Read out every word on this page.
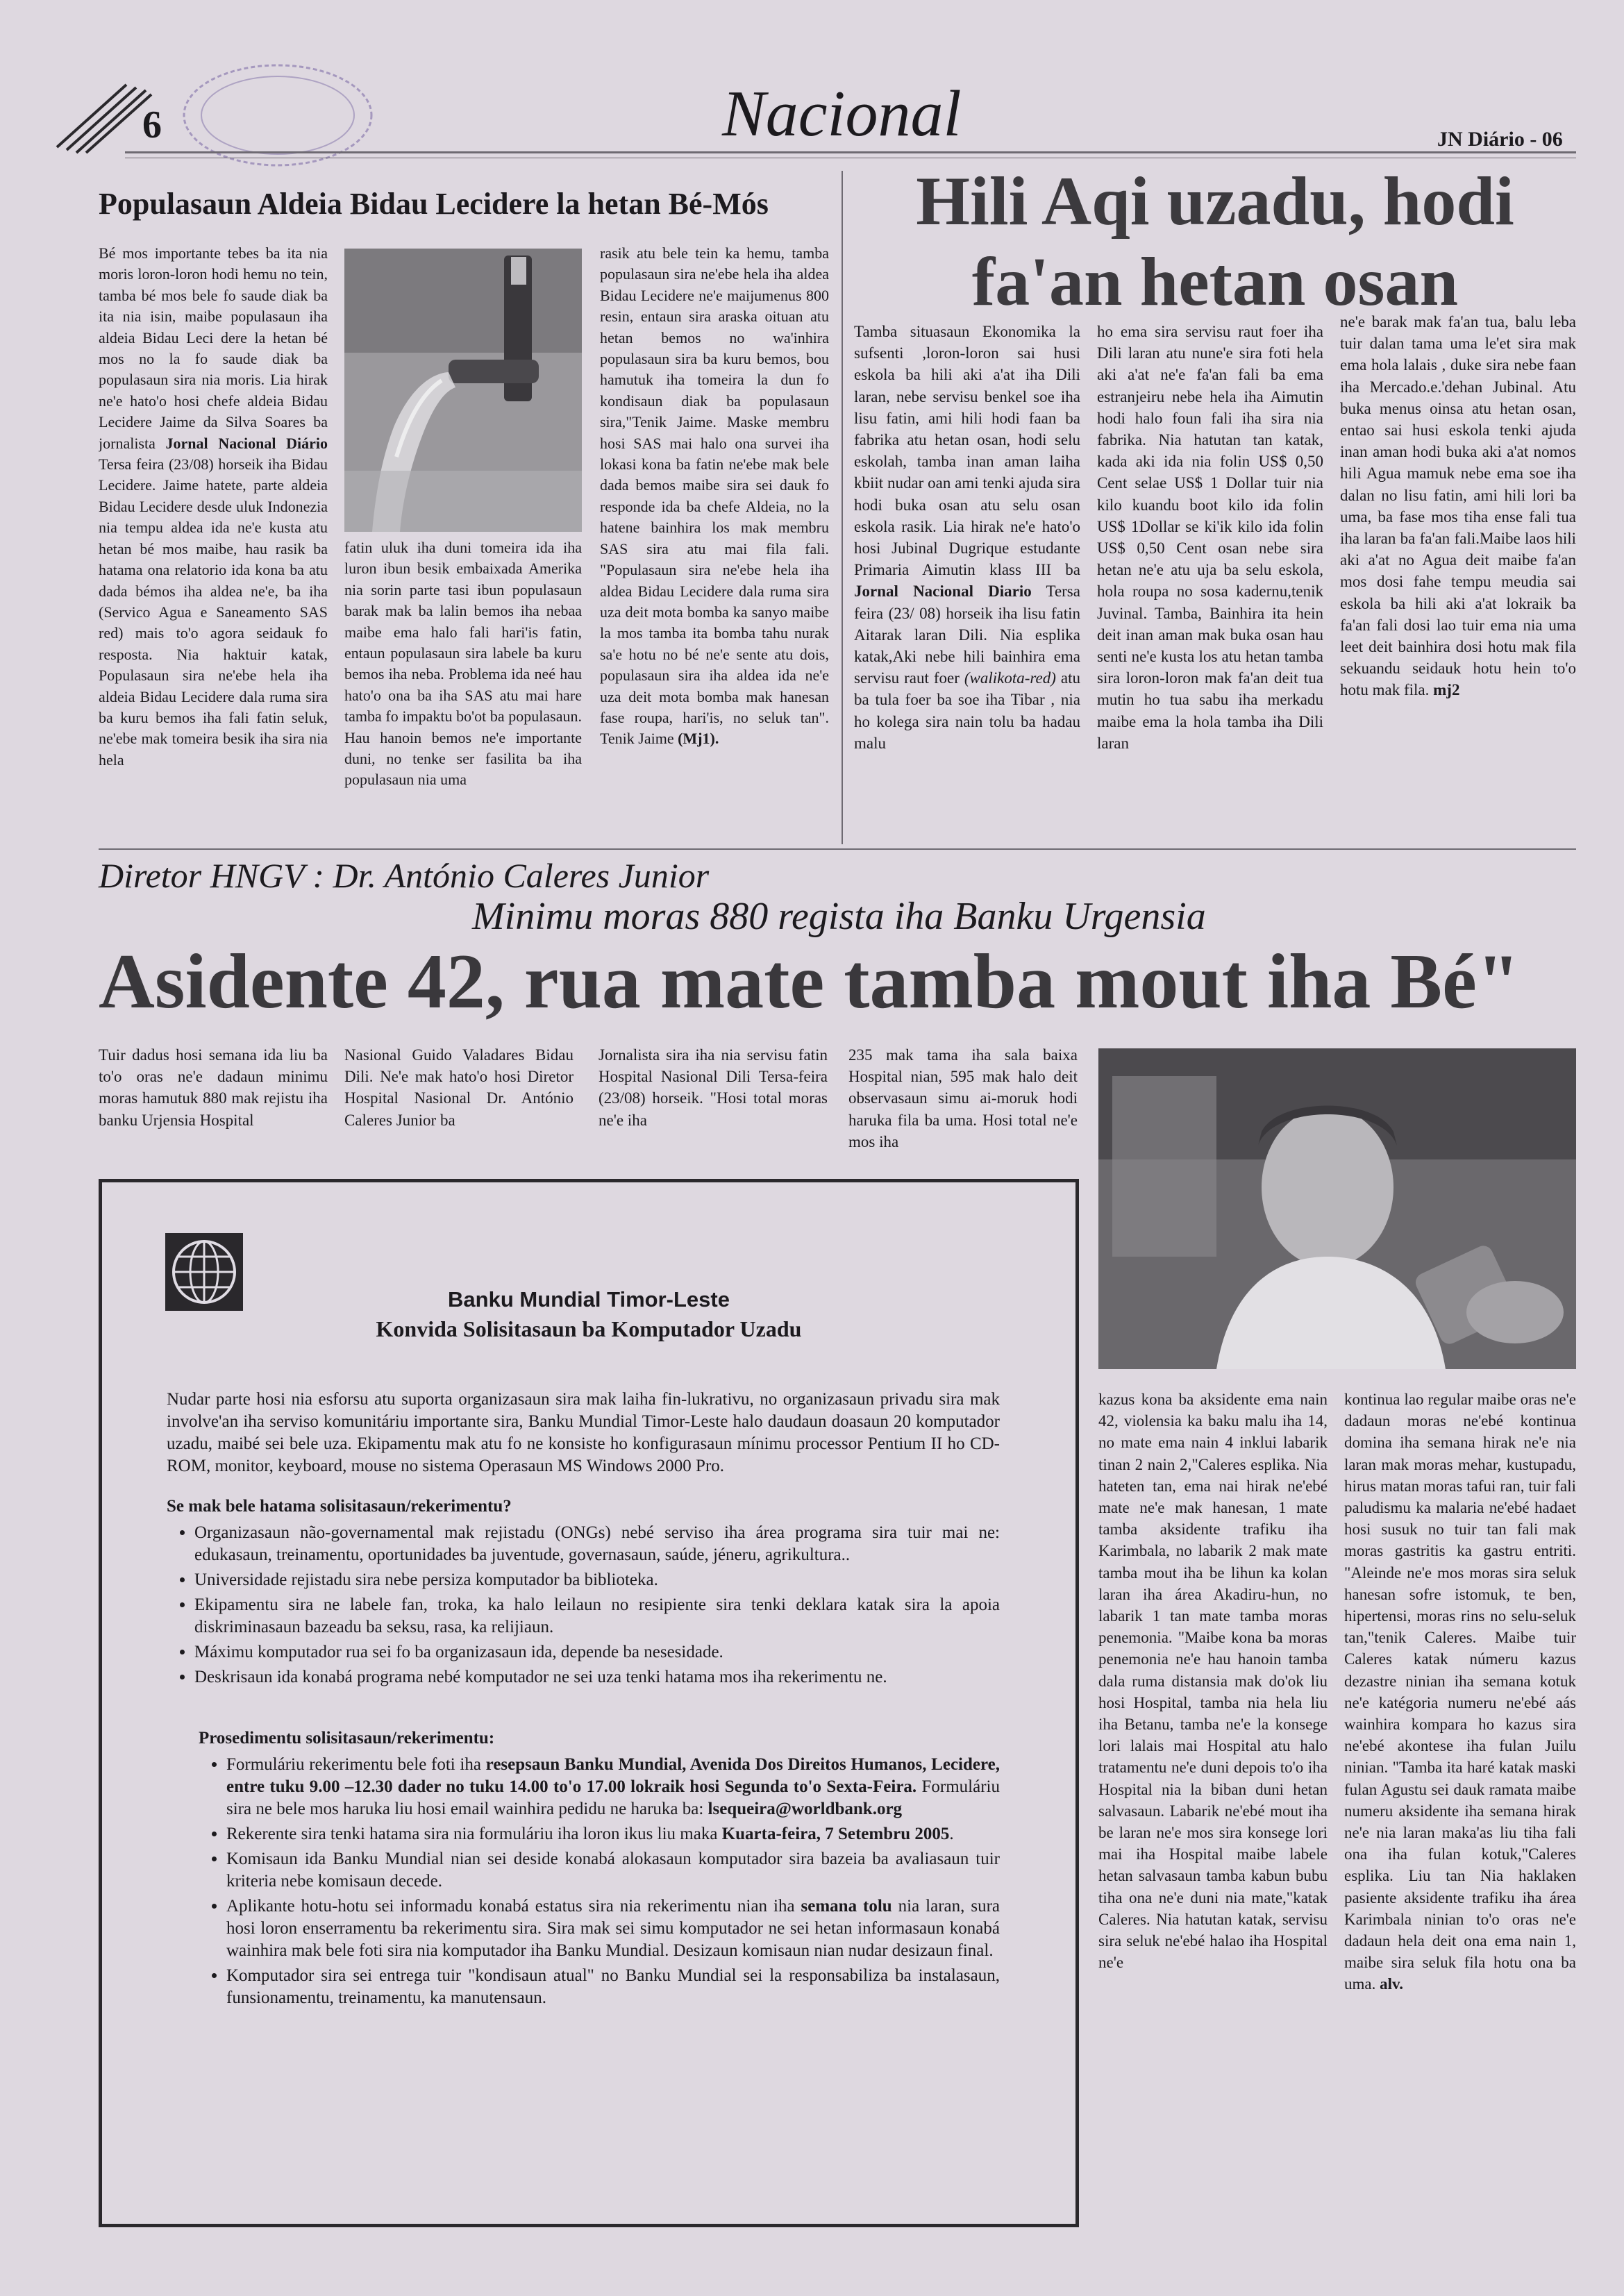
6	Nacional	JN Diário - 06
Populasaun Aldeia Bidau Lecidere la hetan Bé-Mós

Bé mos importante tebes ba ita nia moris loron-loron hodi hemu no tein, tamba bé mos bele fo saude diak ba ita nia isin, maibe populasaun iha aldeia Bidau Leci dere la hetan bé mos no la fo saude diak ba populasaun sira nia moris. Lia hirak ne'e hato'o hosi chefe aldeia Bidau Lecidere Jaime da Silva Soares ba jornalista Jornal Nacional Diário Tersa feira (23/08) horseik iha Bidau Lecidere. Jaime hatete, parte aldeia Bidau Lecidere desde uluk Indonezia nia tempu aldea ida ne'e kusta atu hetan bé mos maibe, hau rasik ba hatama ona relatorio ida kona ba atu dada bémos iha aldea ne'e, ba iha (Servico Agua e Saneamento SAS red) mais to'o agora seidauk fo resposta. Nia haktuir katak, Populasaun sira ne'ebe hela iha aldeia Bidau Lecidere dala ruma sira ba kuru bemos iha fali fatin seluk, ne'ebe mak tomeira besik iha sira nia hela

fatin uluk iha duni tomeira ida iha luron ibun besik embaixada Amerika nia sorin parte tasi ibun populasaun barak mak ba lalin bemos iha nebaa maibe ema halo fali hari'is fatin, entaun populasaun sira labele ba kuru bemos iha neba. Problema ida neé hau hato'o ona ba iha SAS atu mai hare tamba fo impaktu bo'ot ba populasaun. Hau hanoin bemos ne'e importante duni, no tenke ser fasilita ba iha populasaun nia uma

rasik atu bele tein ka hemu, tamba populasaun sira ne'ebe hela iha aldea Bidau Lecidere ne'e maijumenus 800 resin, entaun sira araska oituan atu hetan bemos no wa'inhira populasaun sira ba kuru bemos, bou hamutuk iha tomeira la dun fo kondisaun diak ba populasaun sira,"Tenik Jaime. Maske membru hosi SAS mai halo ona survei iha lokasi kona ba fatin ne'ebe mak bele dada bemos maibe sira sei dauk fo responde ida ba chefe Aldeia, no la hatene bainhira los mak membru SAS sira atu mai fila fali. "Populasaun sira ne'ebe hela iha aldea Bidau Lecidere dala ruma sira uza deit mota bomba ka sanyo maibe la mos tamba ita bomba tahu nurak sa'e hotu no bé ne'e sente atu dois, populasaun sira iha aldea ida ne'e uza deit mota bomba mak hanesan fase roupa, hari'is, no seluk tan". Tenik Jaime (Mj1).

Hili Aqi uzadu, hodi
fa'an hetan osan

Tamba situasaun Ekonomika la sufsenti ,loron-loron sai husi eskola ba hili aki a'at iha Dili laran, nebe servisu benkel soe iha lisu fatin, ami hili hodi faan ba fabrika atu hetan osan, hodi selu eskolah, tamba inan aman laiha kbiit nudar oan ami tenki ajuda sira hodi buka osan atu selu osan eskola rasik. Lia hirak ne'e hato'o hosi Jubinal Dugrique estudante Primaria Aimutin klass III ba Jornal Nacional Diario Tersa feira (23/ 08) horseik iha lisu fatin Aitarak laran Dili. Nia esplika katak,Aki nebe hili bainhira ema servisu raut foer (walikota-red) atu ba tula foer ba soe iha Tibar , nia ho kolega sira nain tolu ba hadau malu

ho ema sira servisu raut foer iha Dili laran atu nune'e sira foti hela aki a'at ne'e fa'an fali ba ema estranjeiru nebe hela iha Aimutin hodi halo foun fali iha sira nia fabrika. Nia hatutan tan katak, kada aki ida nia folin US$ 0,50 Cent selae US$ 1 Dollar tuir nia kilo kuandu boot kilo ida folin US$ 1Dollar se ki'ik kilo ida folin US$ 0,50 Cent osan nebe sira hetan ne'e atu uja ba selu eskola, hola roupa no sosa kadernu,tenik Juvinal. Tamba, Bainhira ita hein deit inan aman mak buka osan hau senti ne'e kusta los atu hetan tamba sira loron-loron mak fa'an deit tua mutin ho tua sabu iha merkadu maibe ema la hola tamba iha Dili laran

ne'e barak mak fa'an tua, balu leba tuir dalan tama uma le'et sira mak ema hola lalais , duke sira nebe faan iha Mercado.e.'dehan Jubinal. Atu buka menus oinsa atu hetan osan, entao sai husi eskola tenki ajuda inan aman hodi buka aki a'at nomos hili Agua mamuk nebe ema soe iha dalan no lisu fatin, ami hili lori ba uma, ba fase mos tiha ense fali tua iha laran ba fa'an fali.Maibe laos hili aki a'at no Agua deit maibe fa'an mos dosi fahe tempu meudia sai eskola ba hili aki a'at lokraik ba fa'an fali dosi lao tuir ema nia uma leet deit bainhira dosi hotu mak fila sekuandu seidauk hotu hein to'o hotu mak fila. mj2

Diretor HNGV : Dr. António Caleres Junior
Minimu moras 880 regista iha Banku Urgensia
Asidente 42, rua mate tamba mout iha Bé"

Tuir dadus hosi semana ida liu ba to'o oras ne'e dadaun minimu moras hamutuk 880 mak rejistu iha banku Urjensia Hospital

Nasional Guido Valadares Bidau Dili. Ne'e mak hato'o hosi Diretor Hospital Nasional Dr. António Caleres Junior ba

Jornalista sira iha nia servisu fatin Hospital Nasional Dili Tersa-feira (23/08) horseik. "Hosi total moras ne'e iha

235 mak tama iha sala baixa Hospital nian, 595 mak halo deit observasaun simu ai-moruk hodi haruka fila ba uma. Hosi total ne'e mos iha

kazus kona ba aksidente ema nain 42, violensia ka baku malu iha 14, no mate ema nain 4 inklui labarik tinan 2 nain 2,"Caleres esplika. Nia hateten tan, ema nai hirak ne'ebé mate ne'e mak hanesan, 1 mate tamba aksidente trafiku iha Karimbala, no labarik 2 mak mate tamba mout iha be lihun ka kolan laran iha área Akadiru-hun, no labarik 1 tan mate tamba moras penemonia. "Maibe kona ba moras penemonia ne'e hau hanoin tamba dala ruma distansia mak do'ok liu hosi Hospital, tamba nia hela liu iha Betanu, tamba ne'e la konsege lori lalais mai Hospital atu halo tratamentu ne'e duni depois to'o iha Hospital nia la biban duni hetan salvasaun. Labarik ne'ebé mout iha be laran ne'e mos sira konsege lori mai iha Hospital maibe labele hetan salvasaun tamba kabun bubu tiha ona ne'e duni nia mate,"katak Caleres. Nia hatutan katak, servisu sira seluk ne'ebé halao iha Hospital ne'e

kontinua lao regular maibe oras ne'e dadaun moras ne'ebé kontinua domina iha semana hirak ne'e nia laran mak moras mehar, kustupadu, hirus matan moras tafui ran, tuir fali paludismu ka malaria ne'ebé hadaet hosi susuk no tuir tan fali mak moras gastritis ka gastru entriti. "Aleinde ne'e mos moras sira seluk hanesan sofre istomuk, te ben, hipertensi, moras rins no selu-seluk tan,"tenik Caleres. Maibe tuir Caleres katak númeru kazus dezastre ninian iha semana kotuk ne'e katégoria numeru ne'ebé aás wainhira kompara ho kazus sira ne'ebé akontese iha fulan Juilu ninian. "Tamba ita haré katak maski fulan Agustu sei dauk ramata maibe numeru aksidente iha semana hirak ne'e nia laran maka'as liu tiha fali ona iha fulan kotuk,"Caleres esplika. Liu tan Nia haklaken pasiente aksidente trafiku iha área Karimbala ninian to'o oras ne'e dadaun hela deit ona ema nain 1, maibe sira seluk fila hotu ona ba uma. alv.

Banku Mundial Timor-Leste
Konvida Solisitasaun ba Komputador Uzadu

Nudar parte hosi nia esforsu atu suporta organizasaun sira mak laiha fin-lukrativu, no organizasaun privadu sira mak involve'an iha serviso komunitáriu importante sira, Banku Mundial Timor-Leste halo daudaun doasaun 20 komputador uzadu, maibé sei bele uza. Ekipamentu mak atu fo ne konsiste ho konfigurasaun mínimu processor Pentium II ho CD-ROM, monitor, keyboard, mouse no sistema Operasaun MS Windows 2000 Pro.

Se mak bele hatama solisitasaun/rekerimentu?

• Organizasaun não-governamental mak rejistadu (ONGs) nebé serviso iha área programa sira tuir mai ne: edukasaun, treinamentu, oportunidades ba juventude, governasaun, saúde, jéneru, agrikultura..
• Universidade rejistadu sira nebe persiza komputador ba biblioteka.
• Ekipamentu sira ne labele fan, troka, ka halo leilaun no resipiente sira tenki deklara katak sira la apoia diskriminasaun bazeadu ba seksu, rasa, ka relijiaun.
• Máximu komputador rua sei fo ba organizasaun ida, depende ba nesesidade.
• Deskrisaun ida konabá programa nebé komputador ne sei uza tenki hatama mos iha rekerimentu ne.

Prosedimentu solisitasaun/rekerimentu:

• Formuláriu rekerimentu bele foti iha resepsaun Banku Mundial, Avenida Dos Direitos Humanos, Lecidere, entre tuku 9.00 –12.30 dader no tuku 14.00 to'o 17.00 lokraik hosi Segunda to'o Sexta-Feira. Formuláriu sira ne bele mos haruka liu hosi email wainhira pedidu ne haruka ba: lsequeira@worldbank.org
• Rekerente sira tenki hatama sira nia formuláriu iha loron ikus liu maka Kuarta-feira, 7 Setembru 2005.
• Komisaun ida Banku Mundial nian sei deside konabá alokasaun komputador sira bazeia ba avaliasaun tuir kriteria nebe komisaun decede.
• Aplikante hotu-hotu sei informadu konabá estatus sira nia rekerimentu nian iha semana tolu nia laran, sura hosi loron enserramentu ba rekerimentu sira. Sira mak sei simu komputador ne sei hetan informasaun konabá wainhira mak bele foti sira nia komputador iha Banku Mundial. Desizaun komisaun nian nudar desizaun final.
• Komputador sira sei entrega tuir "kondisaun atual" no Banku Mundial sei la responsabiliza ba instalasaun, funsionamentu, treinamentu, ka manutensaun.
